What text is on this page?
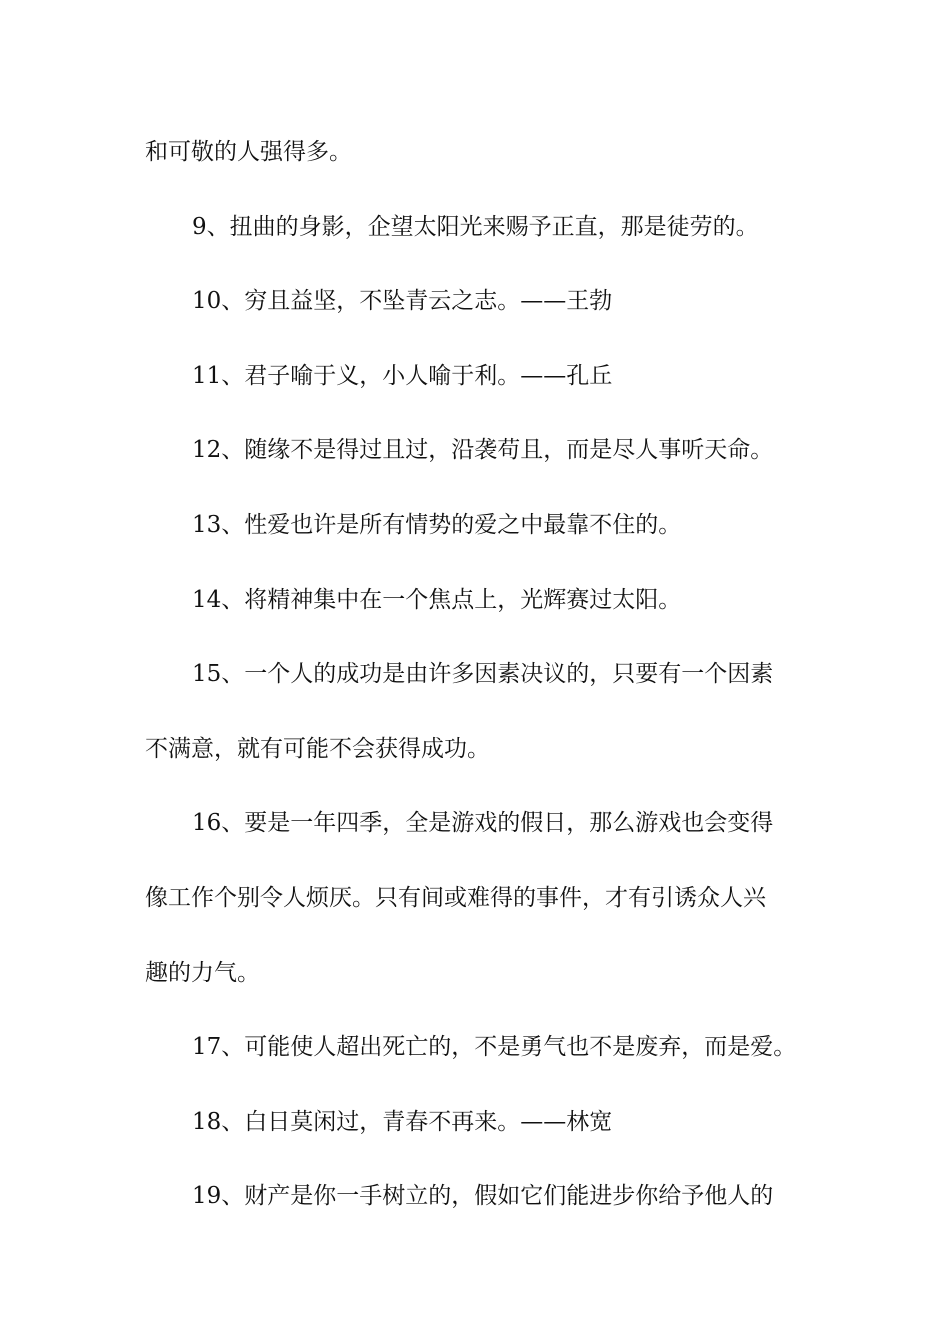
和可敬的人强得多。
9、扭曲的身影，企望太阳光来赐予正直，那是徒劳的。
10、穷且益坚，不坠青云之志。——王勃
11、君子喻于义，小人喻于利。——孔丘
12、随缘不是得过且过，沿袭苟且，而是尽人事听天命。
13、性爱也许是所有情势的爱之中最靠不住的。
14、将精神集中在一个焦点上，光辉赛过太阳。
15、一个人的成功是由许多因素决议的，只要有一个因素
不满意，就有可能不会获得成功。
16、要是一年四季，全是游戏的假日，那么游戏也会变得
像工作个别令人烦厌。只有间或难得的事件，才有引诱众人兴
趣的力气。
17、可能使人超出死亡的，不是勇气也不是废弃，而是爱。
18、白日莫闲过，青春不再来。——林宽
19、财产是你一手树立的，假如它们能进步你给予他人的
